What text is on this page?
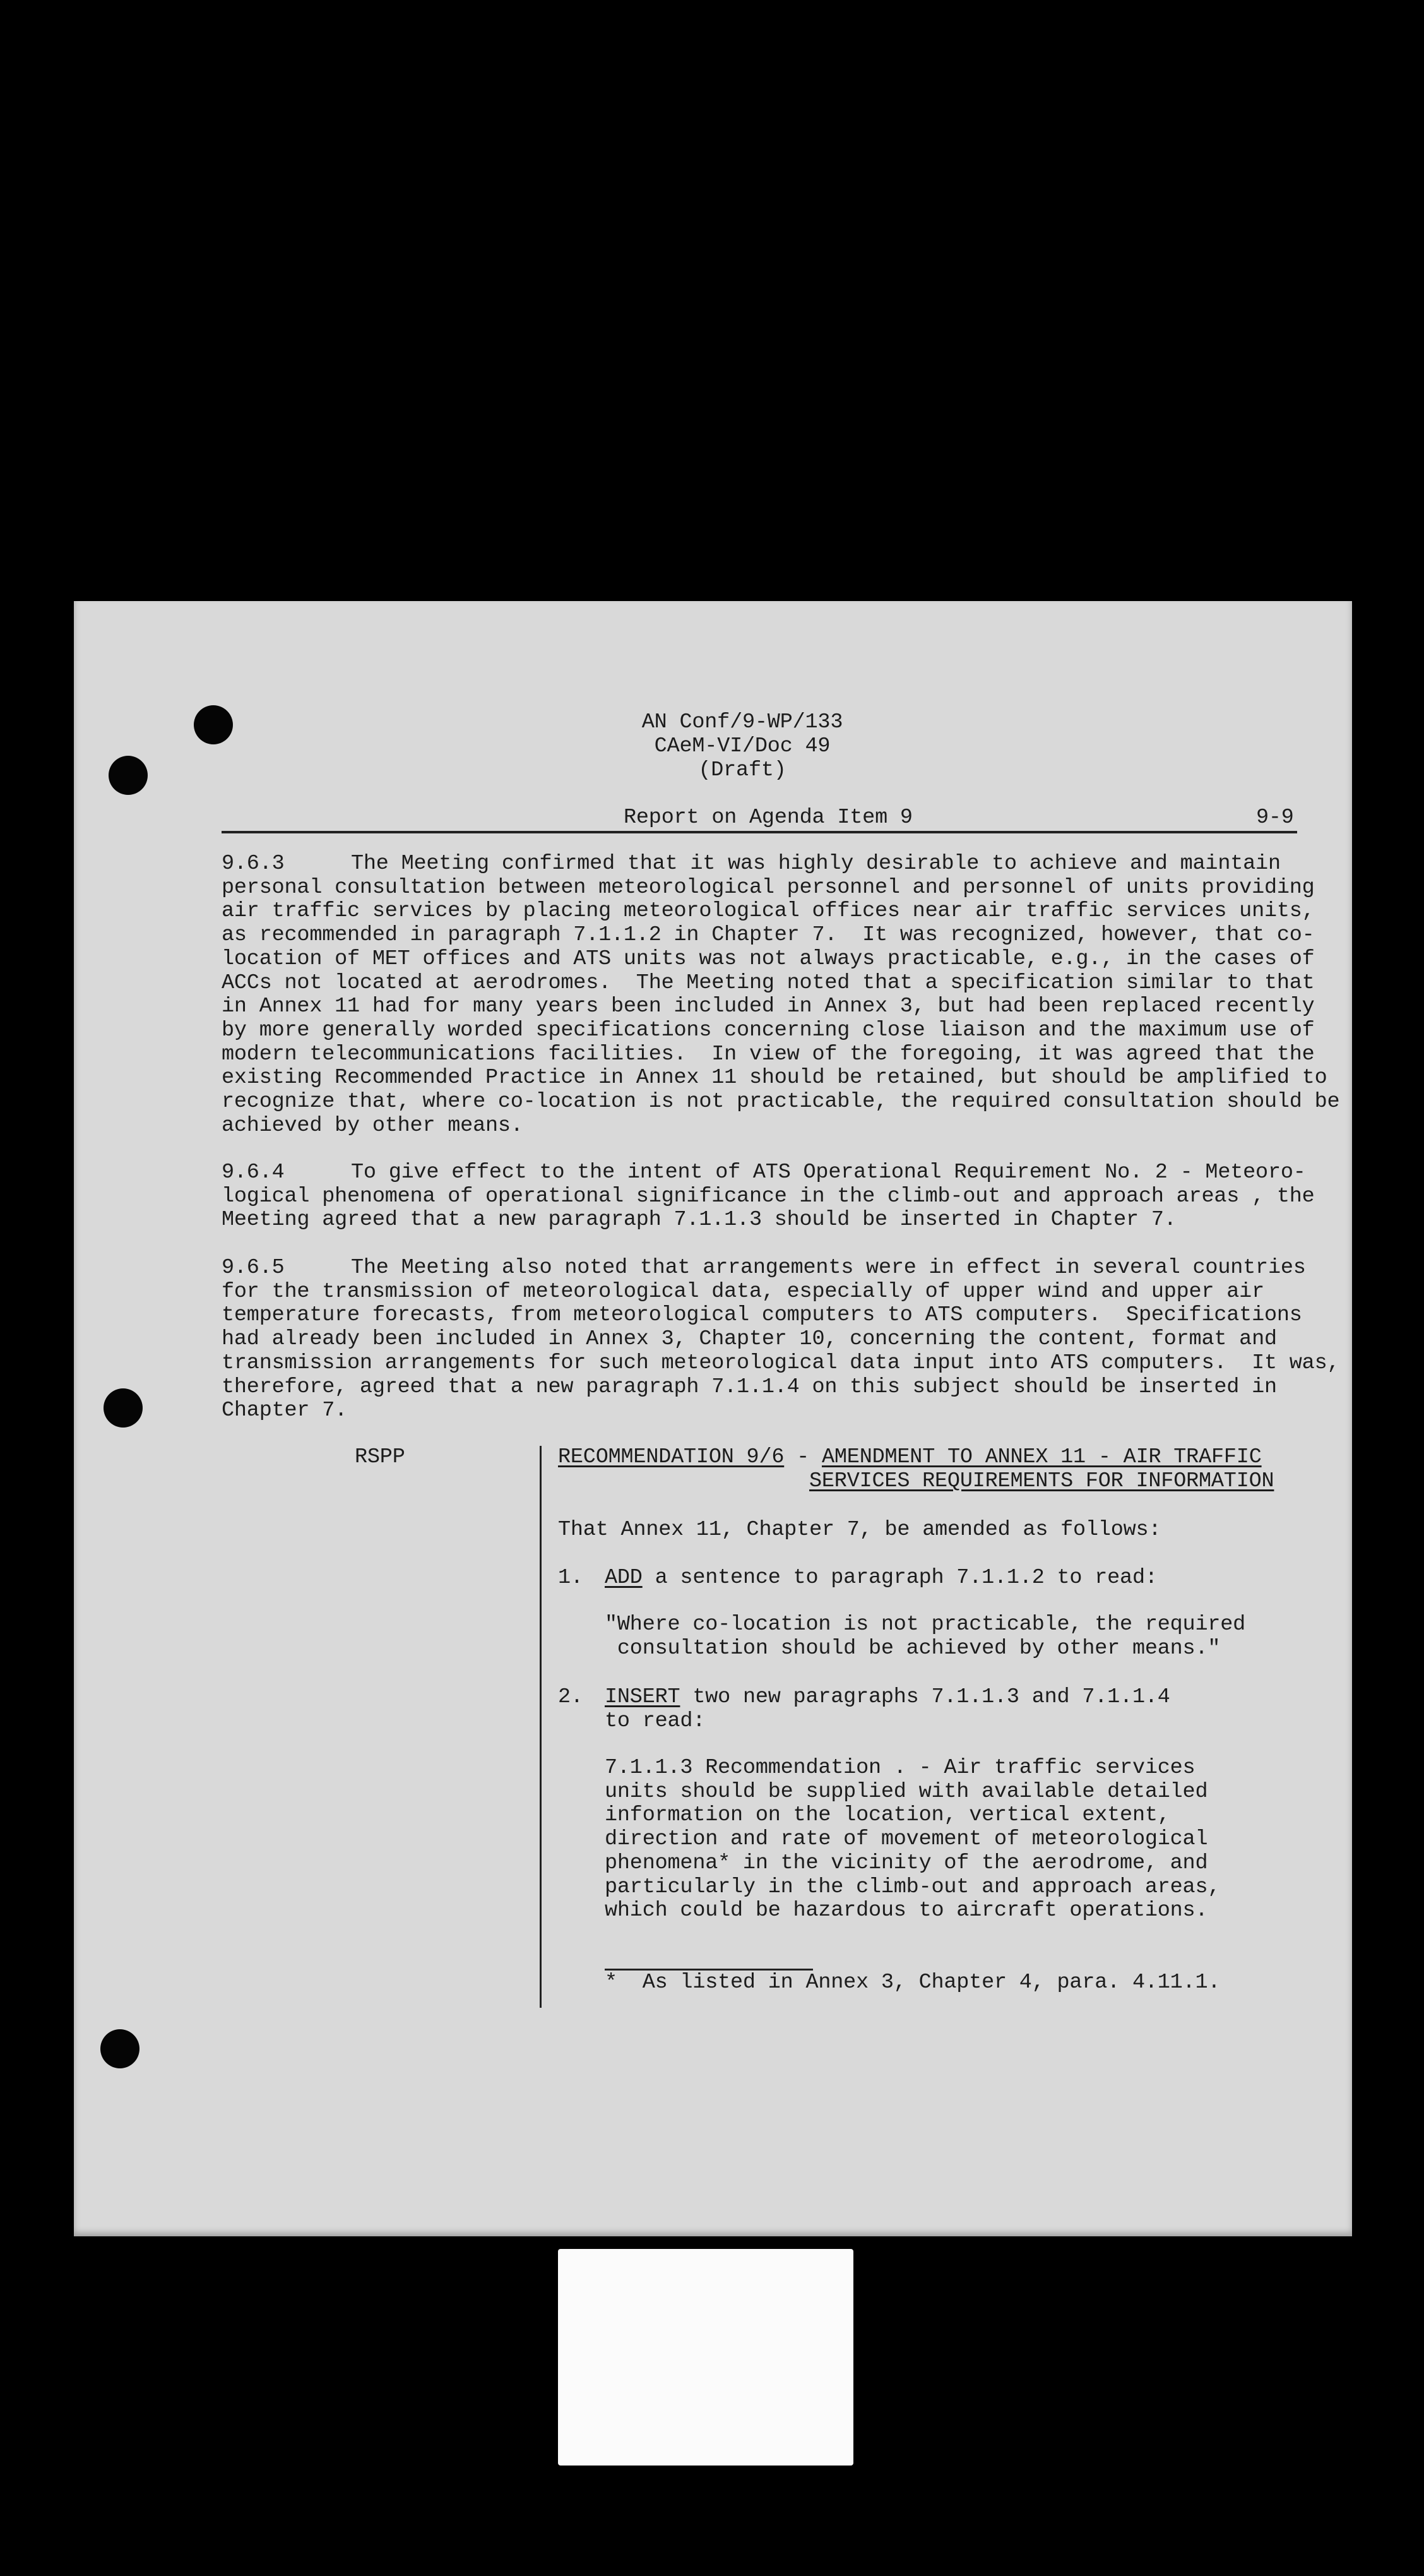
AN Conf/9-WP/133
CAeM-VI/Doc 49
(Draft)
Report on Agenda Item 9	9-9
9.6.3	The Meeting confirmed that it was highly desirable to achieve and maintain
personal consultation between meteorological personnel and personnel of units providing
air traffic services by placing meteorological offices near air traffic services units,
as recommended in paragraph 7.1.1.2 in Chapter 7.  It was recognized, however, that co-
location of MET offices and ATS units was not always practicable, e.g., in the cases of
ACCs not located at aerodromes.  The Meeting noted that a specification similar to that
in Annex 11 had for many years been included in Annex 3, but had been replaced recently
by more generally worded specifications concerning close liaison and the maximum use of
modern telecommunications facilities.  In view of the foregoing, it was agreed that the
existing Recommended Practice in Annex 11 should be retained, but should be amplified to
recognize that, where co-location is not practicable, the required consultation should be
achieved by other means.
9.6.4	To give effect to the intent of ATS Operational Requirement No. 2 - Meteoro-
logical phenomena of operational significance in the climb-out and approach areas , the
Meeting agreed that a new paragraph 7.1.1.3 should be inserted in Chapter 7.
9.6.5	The Meeting also noted that arrangements were in effect in several countries
for the transmission of meteorological data, especially of upper wind and upper air
temperature forecasts, from meteorological computers to ATS computers.  Specifications
had already been included in Annex 3, Chapter 10, concerning the content, format and
transmission arrangements for such meteorological data input into ATS computers.  It was,
therefore, agreed that a new paragraph 7.1.1.4 on this subject should be inserted in
Chapter 7.
RSPP	RECOMMENDATION 9/6 - AMENDMENT TO ANNEX 11 - AIR TRAFFIC
SERVICES REQUIREMENTS FOR INFORMATION
That Annex 11, Chapter 7, be amended as follows:
1. ADD a sentence to paragraph 7.1.1.2 to read:
"Where co-location is not practicable, the required
consultation should be achieved by other means."
2. INSERT two new paragraphs 7.1.1.3 and 7.1.1.4
to read:
7.1.1.3 Recommendation . - Air traffic services
units should be supplied with available detailed
information on the location, vertical extent,
direction and rate of movement of meteorological
phenomena* in the vicinity of the aerodrome, and
particularly in the climb-out and approach areas,
which could be hazardous to aircraft operations.
*  As listed in Annex 3, Chapter 4, para. 4.11.1.
